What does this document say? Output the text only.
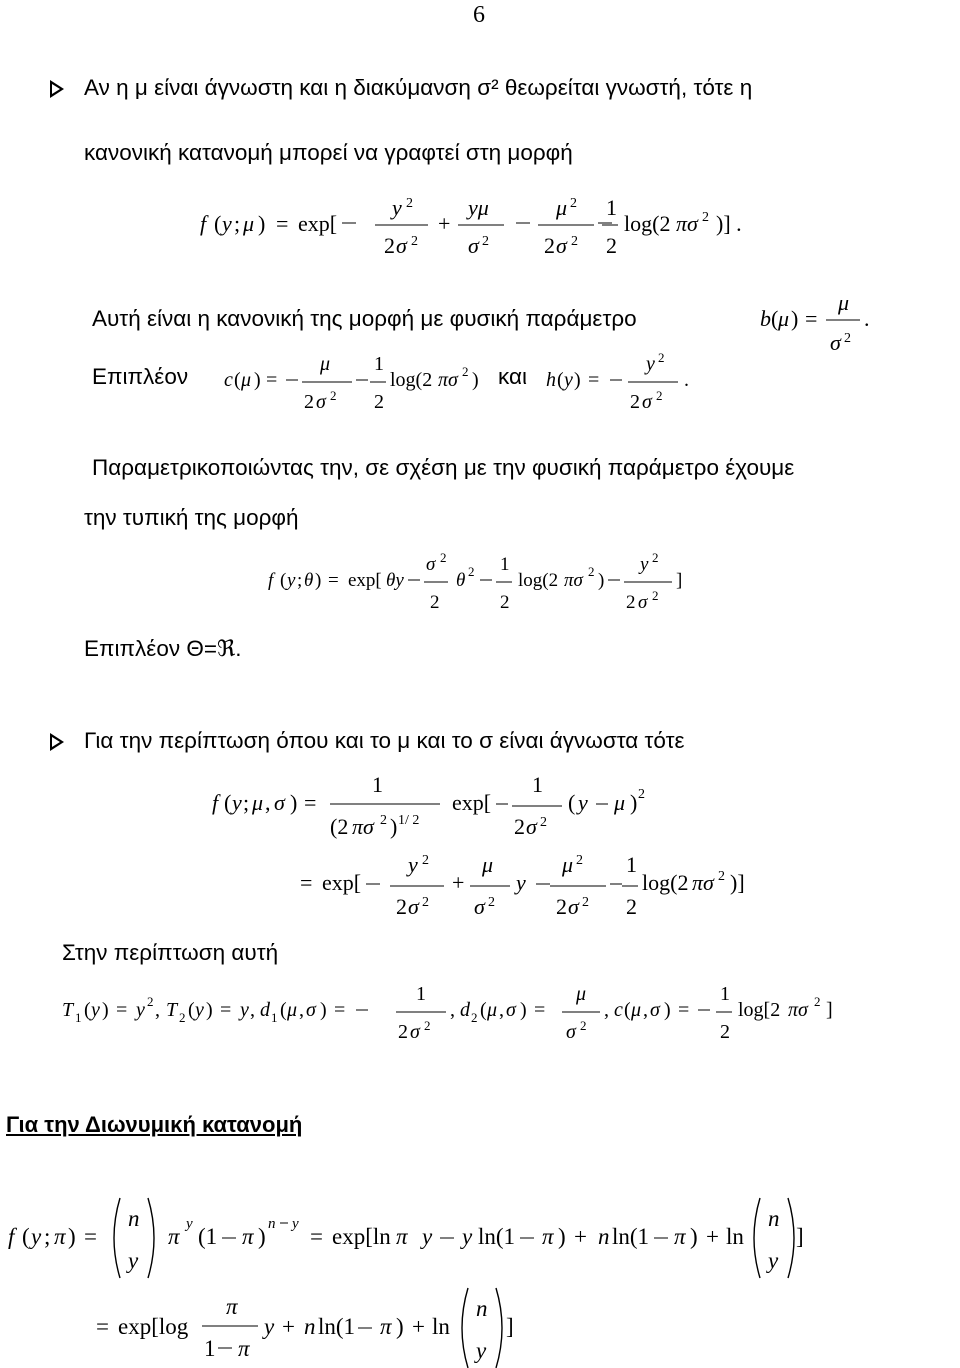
6
Αν η μ είναι άγνωστη και η διακύμανση σ² θεωρείται γνωστή, τότε η
κανονική κατανομή μπορεί να γραφτεί στη μορφή
f ( y ; μ ) = exp[
y 2
2 σ 2
+
yμ
σ 2
μ 2
2 σ 2
1
2
log(2 πσ 2 )] .
Αυτή είναι η κανονική της μορφή με φυσική παράμετρο	b ( μ ) =
μ
σ 2
.
Επιπλέον c ( μ ) =
μ
2 σ 2
1
2
log(2 πσ 2 ) και h ( y ) =
y 2
2 σ 2
.
Παραμετρικοποιώντας την, σε σχέση με την φυσική παράμετρο έχουμε
την τυπική της μορφή
f ( y ; θ ) = exp[ θy
σ 2
2
θ 2 1
2
log(2 πσ 2 )
y 2
2 σ 2
]
Επιπλέον Θ=ℜ.
Για την περίπτωση όπου και το μ και το σ είναι άγνωστα τότε
f ( y ; μ , σ ) =
1
(2 πσ 2 ) 1/ 2
exp[
1
2 σ 2
( y μ ) 2
= exp[
y 2
2 σ 2
+
μ
σ 2
y
μ 2
2 σ 2
1
2
log(2 πσ 2 )]
Στην περίπτωση αυτή
T 1 ( y ) = y 2 , T 2 ( y ) = y , d 1 ( μ , σ ) =
1
2 σ 2
, d 2 ( μ , σ ) =
μ
σ 2
, c ( μ , σ ) =
1
2
log[2 πσ 2 ]
Για την Διωνυμική κατανομή
f ( y ; π ) =
n
y
π y (1 π ) n y = exp[ln π y y ln(1 π ) + n ln(1 π ) + ln
n
y
]
= exp[log
π
1 π
y + n ln(1 π ) + ln
n
y
]
